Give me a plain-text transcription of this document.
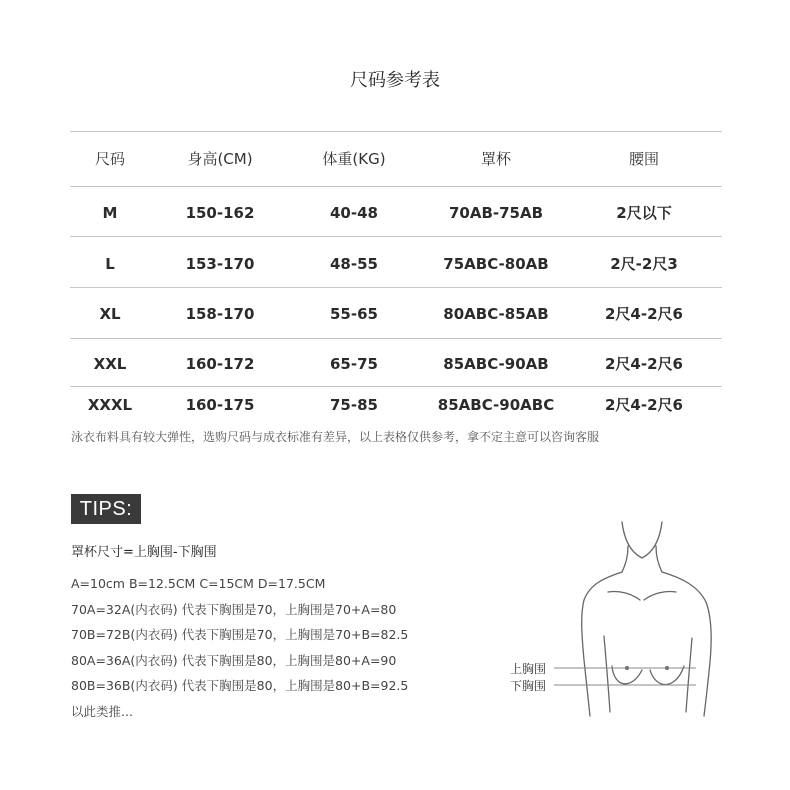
尺码参考表
尺码	身高(CM)	体重(KG)	罩杯	腰围
M	150-162	40-48	70AB-75AB	2尺以下
L	153-170	48-55	75ABC-80AB	2尺-2尺3
XL	158-170	55-65	80ABC-85AB	2尺4-2尺6
XXL	160-172	65-75	85ABC-90AB	2尺4-2尺6
XXXL	160-175	75-85	85ABC-90ABC	2尺4-2尺6
泳衣布料具有较大弹性，选购尺码与成衣标准有差异，以上表格仅供参考，拿不定主意可以咨询客服
TIPS:
罩杯尺寸=上胸围-下胸围
A=10cm B=12.5CM C=15CM D=17.5CM
70A=32A(内衣码) 代表下胸围是70，上胸围是70+A=80
70B=72B(内衣码) 代表下胸围是70，上胸围是70+B=82.5
80A=36A(内衣码) 代表下胸围是80，上胸围是80+A=90
80B=36B(内衣码) 代表下胸围是80，上胸围是80+B=92.5
以此类推...
上胸围
下胸围
